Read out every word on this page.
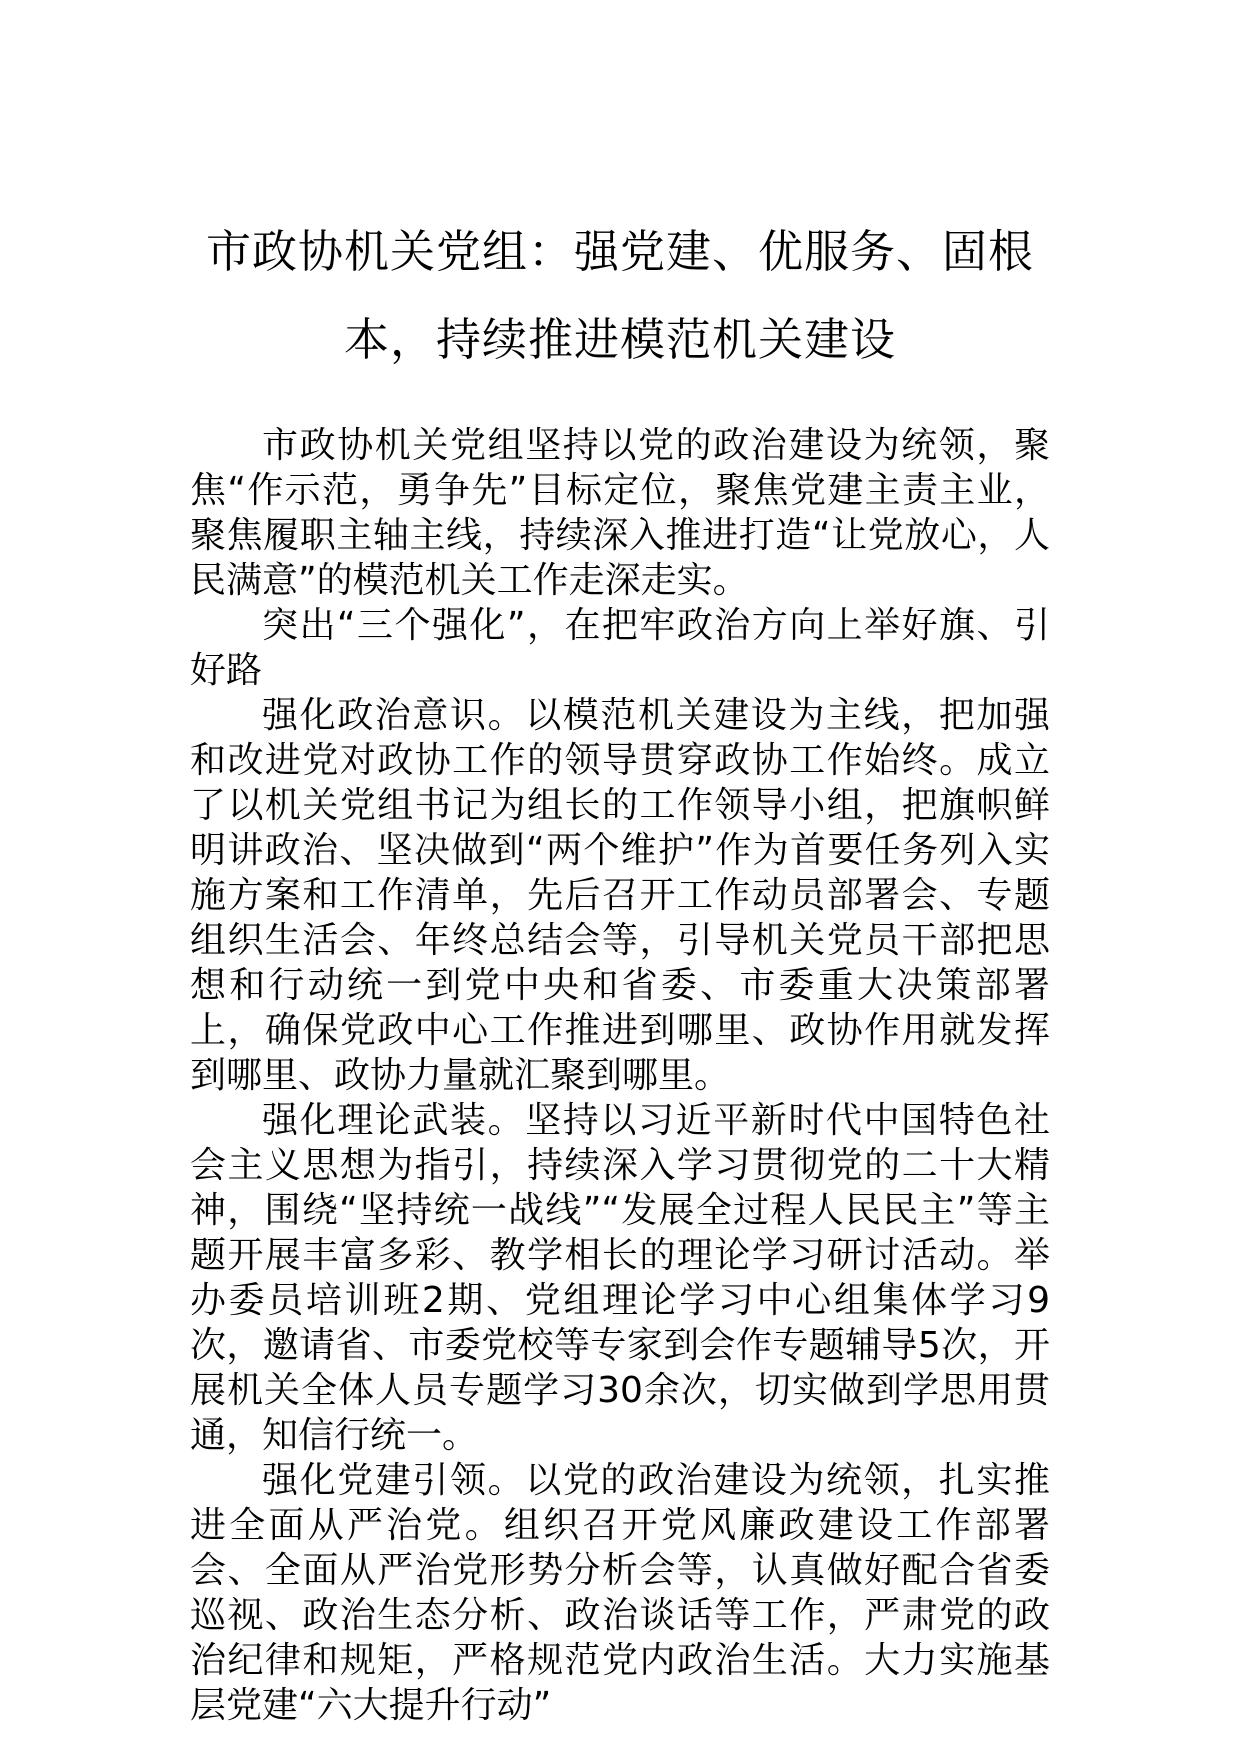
市政协机关党组：强党建、优服务、固根本，持续推进模范机关建设

市政协机关党组坚持以党的政治建设为统领，聚焦“作示范，勇争先”目标定位，聚焦党建主责主业，聚焦履职主轴主线，持续深入推进打造“让党放心，人民满意”的模范机关工作走深走实。

突出“三个强化”，在把牢政治方向上举好旗、引好路

强化政治意识。以模范机关建设为主线，把加强和改进党对政协工作的领导贯穿政协工作始终。成立了以机关党组书记为组长的工作领导小组，把旗帜鲜明讲政治、坚决做到“两个维护”作为首要任务列入实施方案和工作清单，先后召开工作动员部署会、专题组织生活会、年终总结会等，引导机关党员干部把思想和行动统一到党中央和省委、市委重大决策部署上，确保党政中心工作推进到哪里、政协作用就发挥到哪里、政协力量就汇聚到哪里。

强化理论武装。坚持以习近平新时代中国特色社会主义思想为指引，持续深入学习贯彻党的二十大精神，围绕“坚持统一战线”“发展全过程人民民主”等主题开展丰富多彩、教学相长的理论学习研讨活动。举办委员培训班2期、党组理论学习中心组集体学习9次，邀请省、市委党校等专家到会作专题辅导5次，开展机关全体人员专题学习30余次，切实做到学思用贯通，知信行统一。

强化党建引领。以党的政治建设为统领，扎实推进全面从严治党。组织召开党风廉政建设工作部署会、全面从严治党形势分析会等，认真做好配合省委巡视、政治生态分析、政治谈话等工作，严肃党的政治纪律和规矩，严格规范党内政治生活。大力实施基层党建“六大提升行动”
